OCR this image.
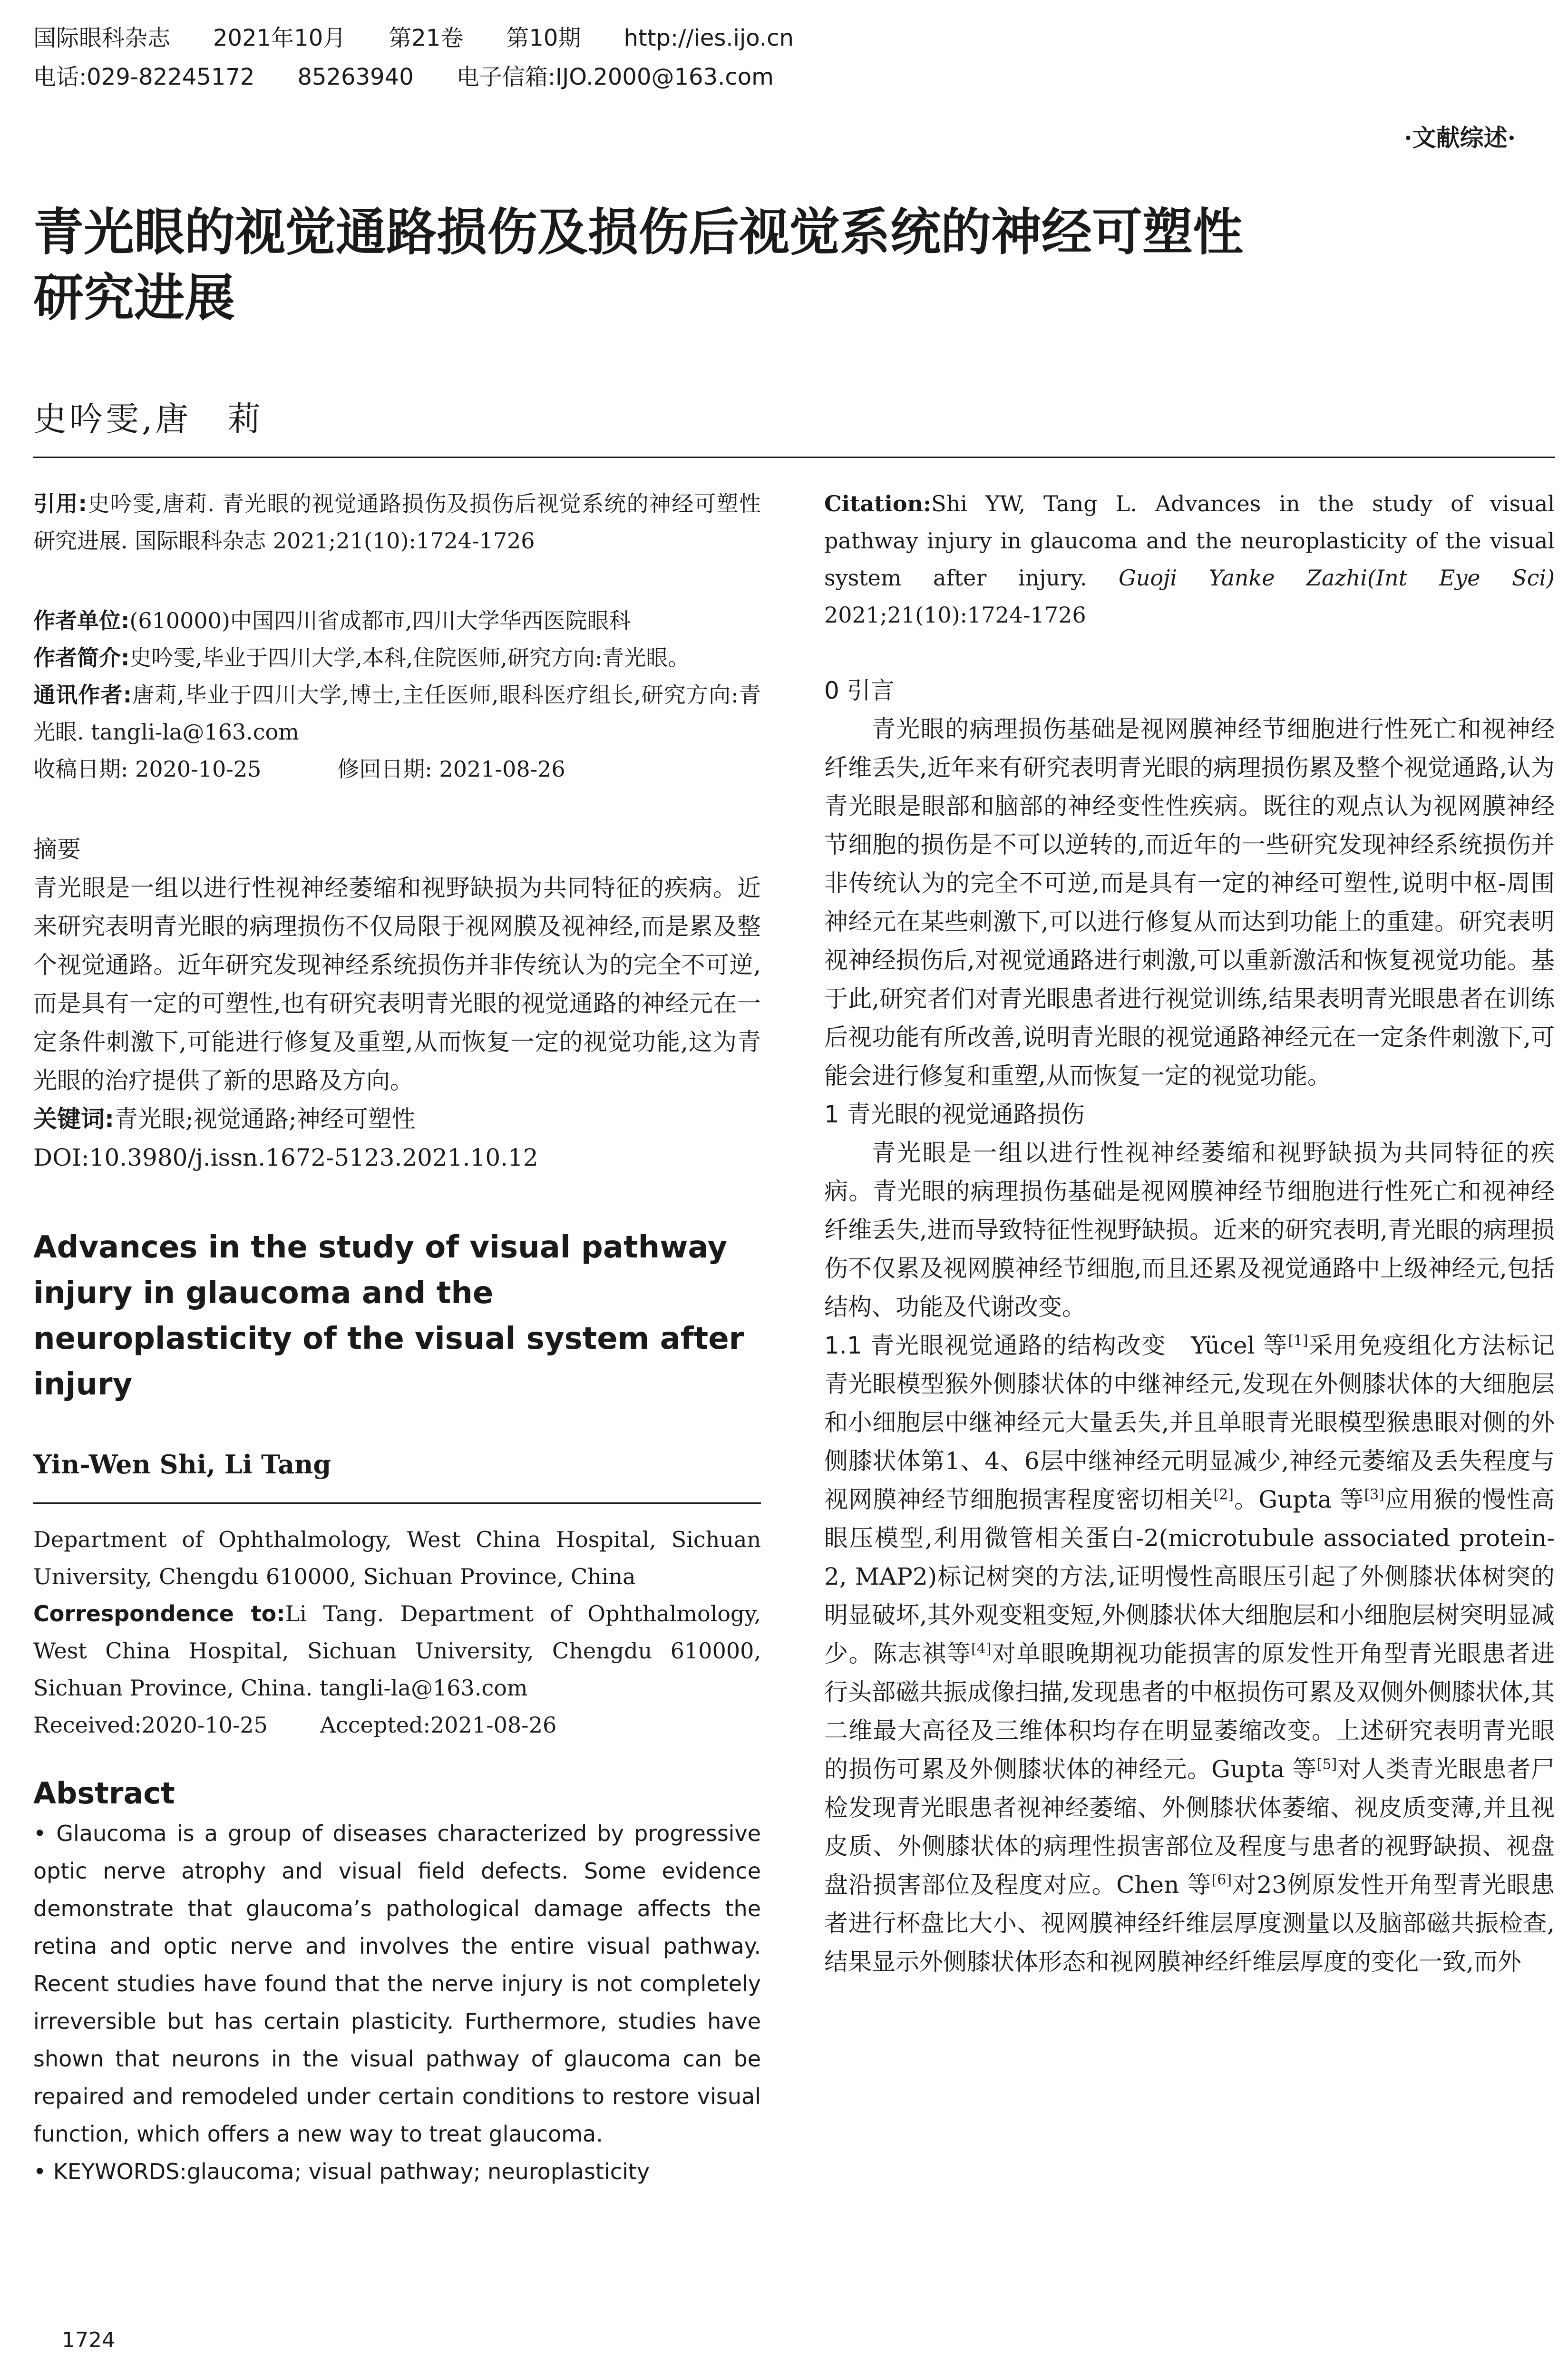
国际眼科杂志 2021年10月 第21卷 第10期 http://ies.ijo.cn
电话:029-82245172 85263940 电子信箱:IJO.2000@163.com
·文献综述·
青光眼的视觉通路损伤及损伤后视觉系统的神经可塑性
研究进展
史吟雯,唐　莉

引用:史吟雯,唐莉. 青光眼的视觉通路损伤及损伤后视觉系统的神经可塑性研究进展. 国际眼科杂志 2021;21(10):1724-1726

作者单位:(610000)中国四川省成都市,四川大学华西医院眼科

作者简介:史吟雯,毕业于四川大学,本科,住院医师,研究方向:青光眼。

通讯作者:唐莉,毕业于四川大学,博士,主任医师,眼科医疗组长,研究方向:青光眼. tangli-la@163.com

收稿日期: 2020-10-25	修回日期: 2021-08-26

摘要

青光眼是一组以进行性视神经萎缩和视野缺损为共同特征的疾病。近来研究表明青光眼的病理损伤不仅局限于视网膜及视神经,而是累及整个视觉通路。近年研究发现神经系统损伤并非传统认为的完全不可逆,而是具有一定的可塑性,也有研究表明青光眼的视觉通路的神经元在一定条件刺激下,可能进行修复及重塑,从而恢复一定的视觉功能,这为青光眼的治疗提供了新的思路及方向。

关键词:青光眼;视觉通路;神经可塑性

DOI:10.3980/j.issn.1672-5123.2021.10.12

Advances in the study of visual pathway injury in glaucoma and the neuroplasticity of the visual system after injury

Yin-Wen Shi, Li Tang

Department of Ophthalmology, West China Hospital, Sichuan University, Chengdu 610000, Sichuan Province, China

Correspondence to:Li Tang. Department of Ophthalmology, West China Hospital, Sichuan University, Chengdu 610000, Sichuan Province, China. tangli-la@163.com

Received:2020-10-25 Accepted:2021-08-26

Abstract

• Glaucoma is a group of diseases characterized by progressive optic nerve atrophy and visual field defects. Some evidence demonstrate that glaucoma’s pathological damage affects the retina and optic nerve and involves the entire visual pathway. Recent studies have found that the nerve injury is not completely irreversible but has certain plasticity. Furthermore, studies have shown that neurons in the visual pathway of glaucoma can be repaired and remodeled under certain conditions to restore visual function, which offers a new way to treat glaucoma.

• KEYWORDS:glaucoma; visual pathway; neuroplasticity

1724

Citation:Shi YW, Tang L. Advances in the study of visual pathway injury in glaucoma and the neuroplasticity of the visual system after injury. Guoji Yanke Zazhi(Int Eye Sci) 2021;21(10):1724-1726

0 引言

青光眼的病理损伤基础是视网膜神经节细胞进行性死亡和视神经纤维丢失,近年来有研究表明青光眼的病理损伤累及整个视觉通路,认为青光眼是眼部和脑部的神经变性性疾病。既往的观点认为视网膜神经节细胞的损伤是不可以逆转的,而近年的一些研究发现神经系统损伤并非传统认为的完全不可逆,而是具有一定的神经可塑性,说明中枢-周围神经元在某些刺激下,可以进行修复从而达到功能上的重建。研究表明视神经损伤后,对视觉通路进行刺激,可以重新激活和恢复视觉功能。基于此,研究者们对青光眼患者进行视觉训练,结果表明青光眼患者在训练后视功能有所改善,说明青光眼的视觉通路神经元在一定条件刺激下,可能会进行修复和重塑,从而恢复一定的视觉功能。

1 青光眼的视觉通路损伤

青光眼是一组以进行性视神经萎缩和视野缺损为共同特征的疾病。青光眼的病理损伤基础是视网膜神经节细胞进行性死亡和视神经纤维丢失,进而导致特征性视野缺损。近来的研究表明,青光眼的病理损伤不仅累及视网膜神经节细胞,而且还累及视觉通路中上级神经元,包括结构、功能及代谢改变。

1.1 青光眼视觉通路的结构改变　Yücel 等[1]采用免疫组化方法标记青光眼模型猴外侧膝状体的中继神经元,发现在外侧膝状体的大细胞层和小细胞层中继神经元大量丢失,并且单眼青光眼模型猴患眼对侧的外侧膝状体第1、4、6层中继神经元明显减少,神经元萎缩及丢失程度与视网膜神经节细胞损害程度密切相关[2]。Gupta 等[3]应用猴的慢性高眼压模型,利用微管相关蛋白-2(microtubule associated protein-2, MAP2)标记树突的方法,证明慢性高眼压引起了外侧膝状体树突的明显破坏,其外观变粗变短,外侧膝状体大细胞层和小细胞层树突明显减少。陈志祺等[4]对单眼晚期视功能损害的原发性开角型青光眼患者进行头部磁共振成像扫描,发现患者的中枢损伤可累及双侧外侧膝状体,其二维最大高径及三维体积均存在明显萎缩改变。上述研究表明青光眼的损伤可累及外侧膝状体的神经元。Gupta 等[5]对人类青光眼患者尸检发现青光眼患者视神经萎缩、外侧膝状体萎缩、视皮质变薄,并且视皮质、外侧膝状体的病理性损害部位及程度与患者的视野缺损、视盘盘沿损害部位及程度对应。Chen 等[6]对23例原发性开角型青光眼患者进行杯盘比大小、视网膜神经纤维层厚度测量以及脑部磁共振检查,结果显示外侧膝状体形态和视网膜神经纤维层厚度的变化一致,而外
